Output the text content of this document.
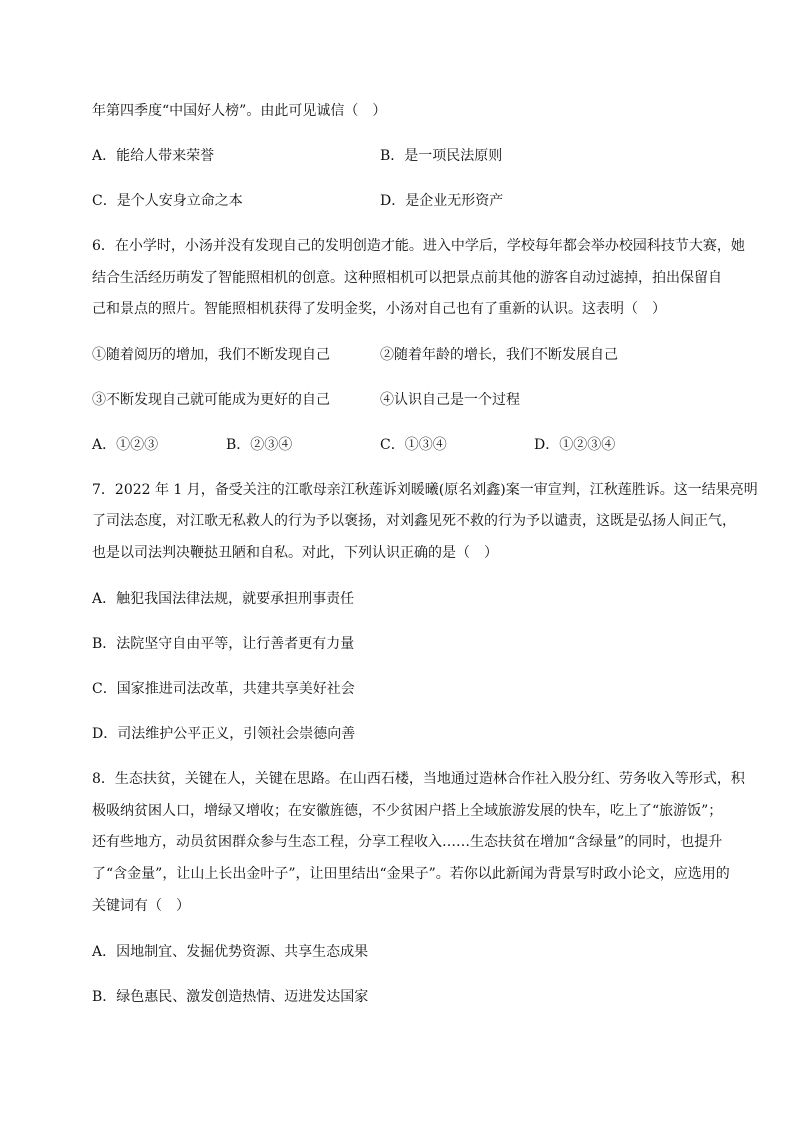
年第四季度“中国好人榜”。由此可见诚信（　）
A．能给人带来荣誉	B．是一项民法原则
C．是个人安身立命之本	D．是企业无形资产
6．在小学时，小汤并没有发现自己的发明创造才能。进入中学后，学校每年都会举办校园科技节大赛，她
结合生活经历萌发了智能照相机的创意。这种照相机可以把景点前其他的游客自动过滤掉，拍出保留自
己和景点的照片。智能照相机获得了发明金奖，小汤对自己也有了重新的认识。这表明（　）
①随着阅历的增加，我们不断发现自己	②随着年龄的增长，我们不断发展自己
③不断发现自己就可能成为更好的自己	④认识自己是一个过程
A．①②③	B．②③④	C．①③④	D．①②③④
7．2022 年 1 月，备受关注的江歌母亲江秋莲诉刘暖曦(原名刘鑫)案一审宣判，江秋莲胜诉。这一结果亮明
了司法态度，对江歌无私救人的行为予以褒扬，对刘鑫见死不救的行为予以谴责，这既是弘扬人间正气，
也是以司法判决鞭挞丑陋和自私。对此，下列认识正确的是（　）
A．触犯我国法律法规，就要承担刑事责任
B．法院坚守自由平等，让行善者更有力量
C．国家推进司法改革，共建共享美好社会
D．司法维护公平正义，引领社会崇德向善
8．生态扶贫，关键在人，关键在思路。在山西石楼，当地通过造林合作社入股分红、劳务收入等形式，积
极吸纳贫困人口，增绿又增收；在安徽旌德，不少贫困户搭上全域旅游发展的快车，吃上了“旅游饭”；
还有些地方，动员贫困群众参与生态工程，分享工程收入……生态扶贫在增加“含绿量”的同时，也提升
了“含金量”，让山上长出金叶子”，让田里结出“金果子”。若你以此新闻为背景写时政小论文，应选用的
关键词有（　）
A．因地制宜、发掘优势资源、共享生态成果
B．绿色惠民、激发创造热情、迈进发达国家
